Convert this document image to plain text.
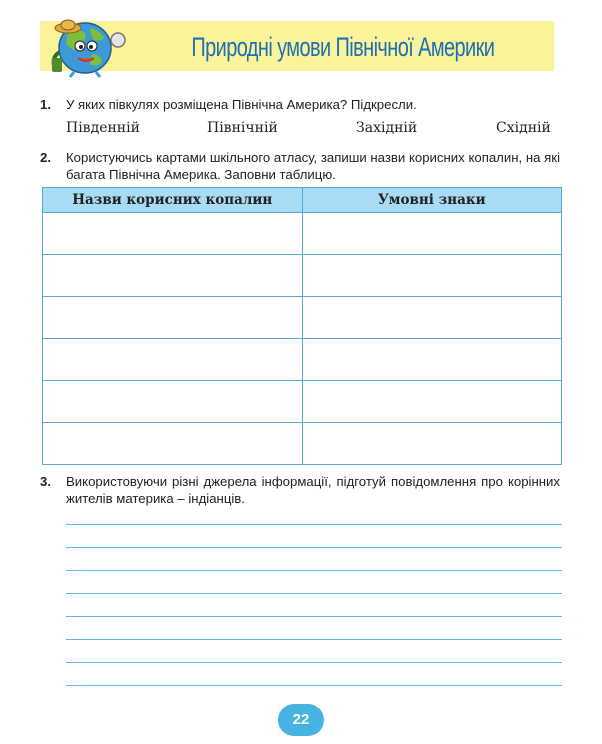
Природні умови Північної Америки
1. У яких півкулях розміщена Північна Америка? Підкресли.
Південній	Північній	Західній	Східній
2. Користуючись картами шкільного атласу, запиши назви корисних копалин, на які багата Північна Америка. Заповни таблицю.
Назви корисних копалин	Умовні знаки

3. Використовуючи різні джерела інформації, підготуй повідомлення про корінних жителів материка – індіанців.
22
